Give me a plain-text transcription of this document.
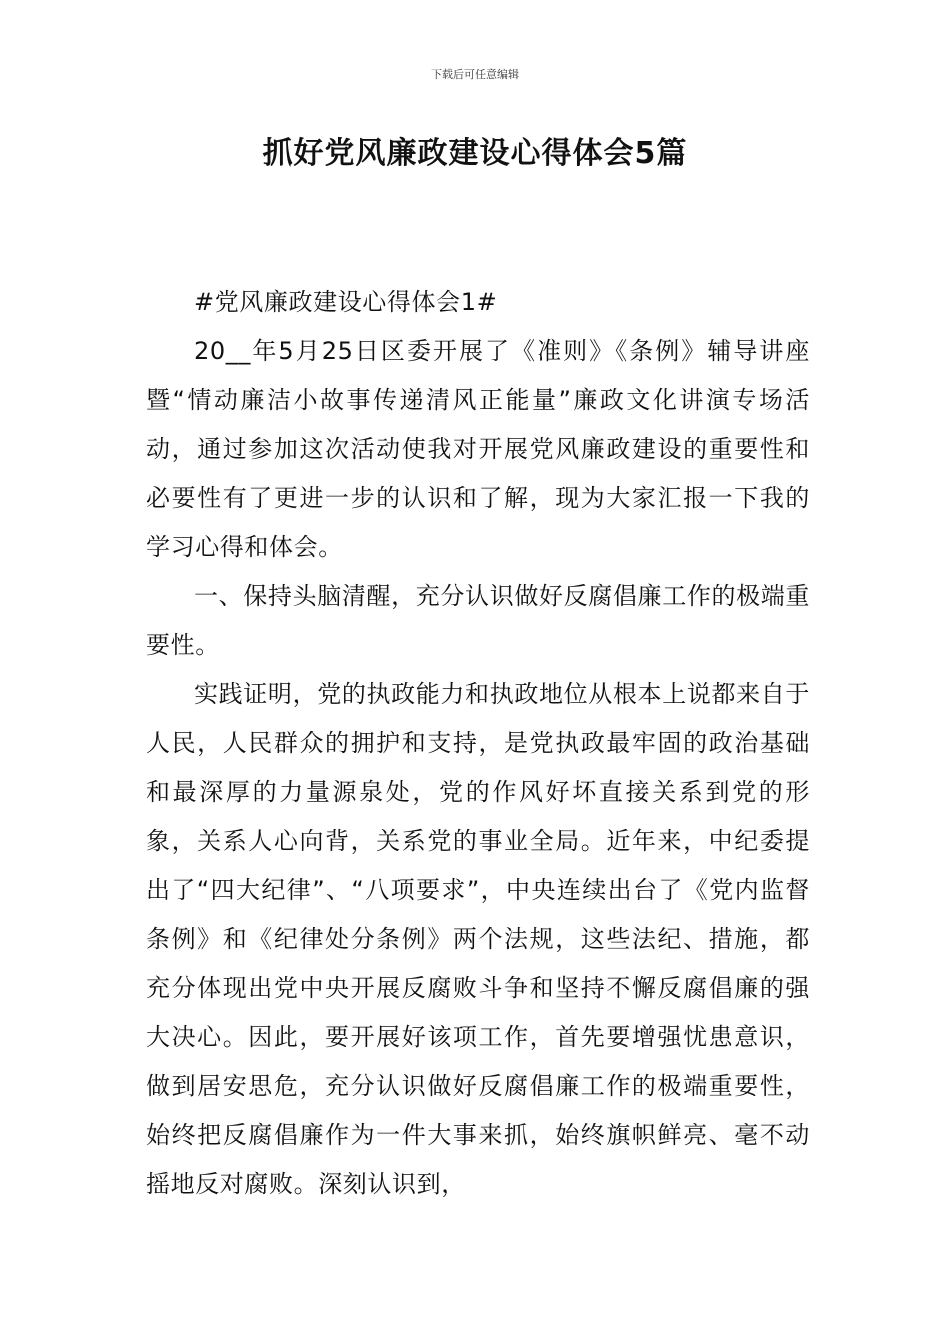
下载后可任意编辑
抓好党风廉政建设心得体会5篇

#党风廉政建设心得体会1#

20__年5月25日区委开展了《准则》《条例》辅导讲座暨“情动廉洁小故事传递清风正能量”廉政文化讲演专场活动，通过参加这次活动使我对开展党风廉政建设的重要性和必要性有了更进一步的认识和了解，现为大家汇报一下我的学习心得和体会。

一、保持头脑清醒，充分认识做好反腐倡廉工作的极端重要性。

实践证明，党的执政能力和执政地位从根本上说都来自于人民，人民群众的拥护和支持，是党执政最牢固的政治基础和最深厚的力量源泉处，党的作风好坏直接关系到党的形象，关系人心向背，关系党的事业全局。近年来，中纪委提出了“四大纪律”、“八项要求”，中央连续出台了《党内监督条例》和《纪律处分条例》两个法规，这些法纪、措施，都充分体现出党中央开展反腐败斗争和坚持不懈反腐倡廉的强大决心。因此，要开展好该项工作，首先要增强忧患意识，做到居安思危，充分认识做好反腐倡廉工作的极端重要性，始终把反腐倡廉作为一件大事来抓，始终旗帜鲜亮、毫不动摇地反对腐败。深刻认识到，
